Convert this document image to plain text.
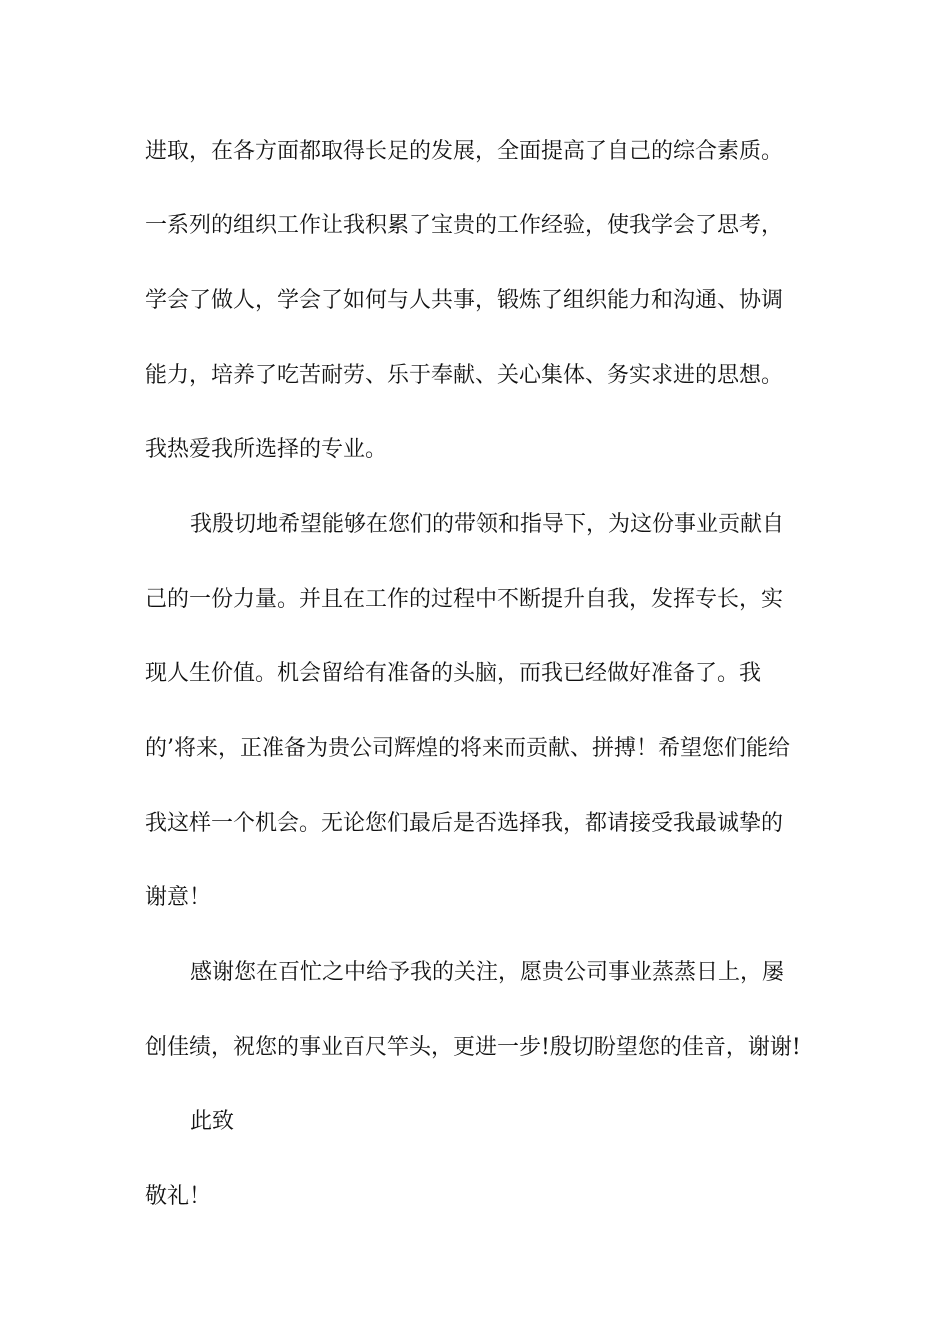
进取，在各方面都取得长足的发展，全面提高了自己的综合素质。
一系列的组织工作让我积累了宝贵的工作经验，使我学会了思考，
学会了做人，学会了如何与人共事，锻炼了组织能力和沟通、协调
能力，培养了吃苦耐劳、乐于奉献、关心集体、务实求进的思想。
我热爱我所选择的专业。
我殷切地希望能够在您们的带领和指导下，为这份事业贡献自
己的一份力量。并且在工作的过程中不断提升自我，发挥专长，实
现人生价值。机会留给有准备的头脑，而我已经做好准备了。我
的’将来，正准备为贵公司辉煌的将来而贡献、拼搏！希望您们能给
我这样一个机会。无论您们最后是否选择我，都请接受我最诚挚的
谢意！
感谢您在百忙之中给予我的关注，愿贵公司事业蒸蒸日上，屡
创佳绩，祝您的事业百尺竿头，更进一步!殷切盼望您的佳音，谢谢!
此致
敬礼！
